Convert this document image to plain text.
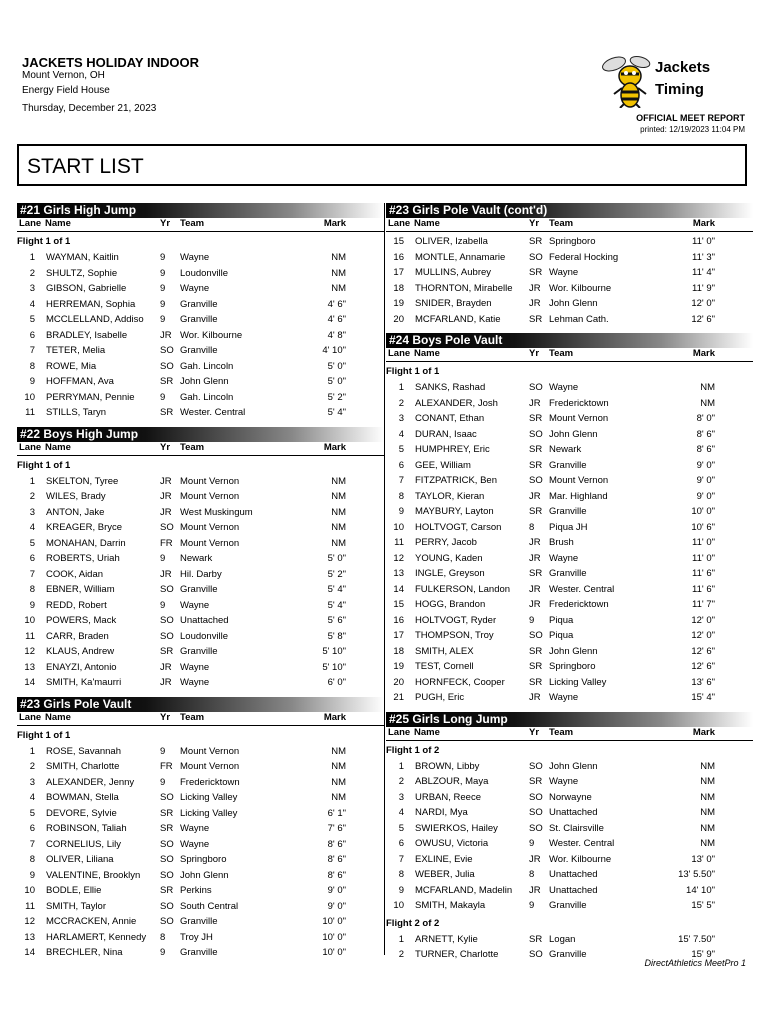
JACKETS HOLIDAY INDOOR
Mount Vernon, OH
Energy Field House
Thursday, December 21, 2023
Jackets
Timing
OFFICIAL MEET REPORT
printed: 12/19/2023 11:04 PM
START LIST
#21 Girls High Jump
Lane Name	Yr Team	Mark
Flight 1 of 1
1 WAYMAN, Kaitlin	9 Wayne	NM
2 SHULTZ, Sophie	9 Loudonville	NM
3 GIBSON, Gabrielle	9 Wayne	NM
4 HERREMAN, Sophia	9 Granville	4' 6"
5 MCCLELLAND, Addiso 9 Granville	4' 6"
6 BRADLEY, Isabelle	JR Wor. Kilbourne	4' 8"
7 TETER, Melia	SO Granville	4' 10"
8 ROWE, Mia	SO Gah. Lincoln	5' 0"
9 HOFFMAN, Ava	SR John Glenn	5' 0"
10 PERRYMAN, Pennie	9 Gah. Lincoln	5' 2"
11 STILLS, Taryn	SR Wester. Central	5' 4"
#22 Boys High Jump
Lane Name	Yr Team	Mark
Flight 1 of 1
1 SKELTON, Tyree	JR Mount Vernon	NM
2 WILES, Brady	JR Mount Vernon	NM
3 ANTON, Jake	JR West Muskingum	NM
4 KREAGER, Bryce	SO Mount Vernon	NM
5 MONAHAN, Darrin	FR Mount Vernon	NM
6 ROBERTS, Uriah	9 Newark	5' 0"
7 COOK, Aidan	JR Hil. Darby	5' 2"
8 EBNER, William	SO Granville	5' 4"
9 REDD, Robert	9 Wayne	5' 4"
10 POWERS, Mack	SO Unattached	5' 6"
11 CARR, Braden	SO Loudonville	5' 8"
12 KLAUS, Andrew	SR Granville	5' 10"
13 ENAYZI, Antonio	JR Wayne	5' 10"
14 SMITH, Ka'maurri	JR Wayne	6' 0"
#23 Girls Pole Vault
Lane Name	Yr Team	Mark
Flight 1 of 1
1 ROSE, Savannah	9 Mount Vernon	NM
2 SMITH, Charlotte	FR Mount Vernon	NM
3 ALEXANDER, Jenny	9 Fredericktown	NM
4 BOWMAN, Stella	SO Licking Valley	NM
5 DEVORE, Sylvie	SR Licking Valley	6' 1"
6 ROBINSON, Taliah	SR Wayne	7' 6"
7 CORNELIUS, Lily	SO Wayne	8' 6"
8 OLIVER, Liliana	SO Springboro	8' 6"
9 VALENTINE, Brooklyn SO John Glenn	8' 6"
10 BODLE, Ellie	SR Perkins	9' 0"
11 SMITH, Taylor	SO South Central	9' 0"
12 MCCRACKEN, Annie SO Granville	10' 0"
13 HARLAMERT, Kennedy 8 Troy JH	10' 0"
14 BRECHLER, Nina	9 Granville	10' 0"
#23 Girls Pole Vault (cont'd)
Lane Name	Yr Team	Mark
15 OLIVER, Izabella	SR Springboro	11' 0"
16 MONTLE, Annamarie SO Federal Hocking	11' 3"
17 MULLINS, Aubrey	SR Wayne	11' 4"
18 THORNTON, Mirabelle JR Wor. Kilbourne	11' 9"
19 SNIDER, Brayden	JR John Glenn	12' 0"
20 MCFARLAND, Katie	SR Lehman Cath.	12' 6"
#24 Boys Pole Vault
Lane Name	Yr Team	Mark
Flight 1 of 1
1 SANKS, Rashad	SO Wayne	NM
2 ALEXANDER, Josh	JR Fredericktown	NM
3 CONANT, Ethan	SR Mount Vernon	8' 0"
4 DURAN, Isaac	SO John Glenn	8' 6"
5 HUMPHREY, Eric	SR Newark	8' 6"
6 GEE, William	SR Granville	9' 0"
7 FITZPATRICK, Ben	SO Mount Vernon	9' 0"
8 TAYLOR, Kieran	JR Mar. Highland	9' 0"
9 MAYBURY, Layton	SR Granville	10' 0"
10 HOLTVOGT, Carson	8 Piqua JH	10' 6"
11 PERRY, Jacob	JR Brush	11' 0"
12 YOUNG, Kaden	JR Wayne	11' 0"
13 INGLE, Greyson	SR Granville	11' 6"
14 FULKERSON, Landon JR Wester. Central	11' 6"
15 HOGG, Brandon	JR Fredericktown	11' 7"
16 HOLTVOGT, Ryder	9 Piqua	12' 0"
17 THOMPSON, Troy	SO Piqua	12' 0"
18 SMITH, ALEX	SR John Glenn	12' 6"
19 TEST, Cornell	SR Springboro	12' 6"
20 HORNFECK, Cooper	SR Licking Valley	13' 6"
21 PUGH, Eric	JR Wayne	15' 4"
#25 Girls Long Jump
Lane Name	Yr Team	Mark
Flight 1 of 2
1 BROWN, Libby	SO John Glenn	NM
2 ABLZOUR, Maya	SR Wayne	NM
3 URBAN, Reece	SO Norwayne	NM
4 NARDI, Mya	SO Unattached	NM
5 SWIERKOS, Hailey	SO St. Clairsville	NM
6 OWUSU, Victoria	9 Wester. Central	NM
7 EXLINE, Evie	JR Wor. Kilbourne	13' 0"
8 WEBER, Julia	8 Unattached	13' 5.50"
9 MCFARLAND, Madelin JR Unattached	14' 10"
10 SMITH, Makayla	9 Granville	15' 5"
Flight 2 of 2
1 ARNETT, Kylie	SR Logan	15' 7.50"
2 TURNER, Charlotte	SO Granville	15' 9"
DirectAthletics MeetPro 1
